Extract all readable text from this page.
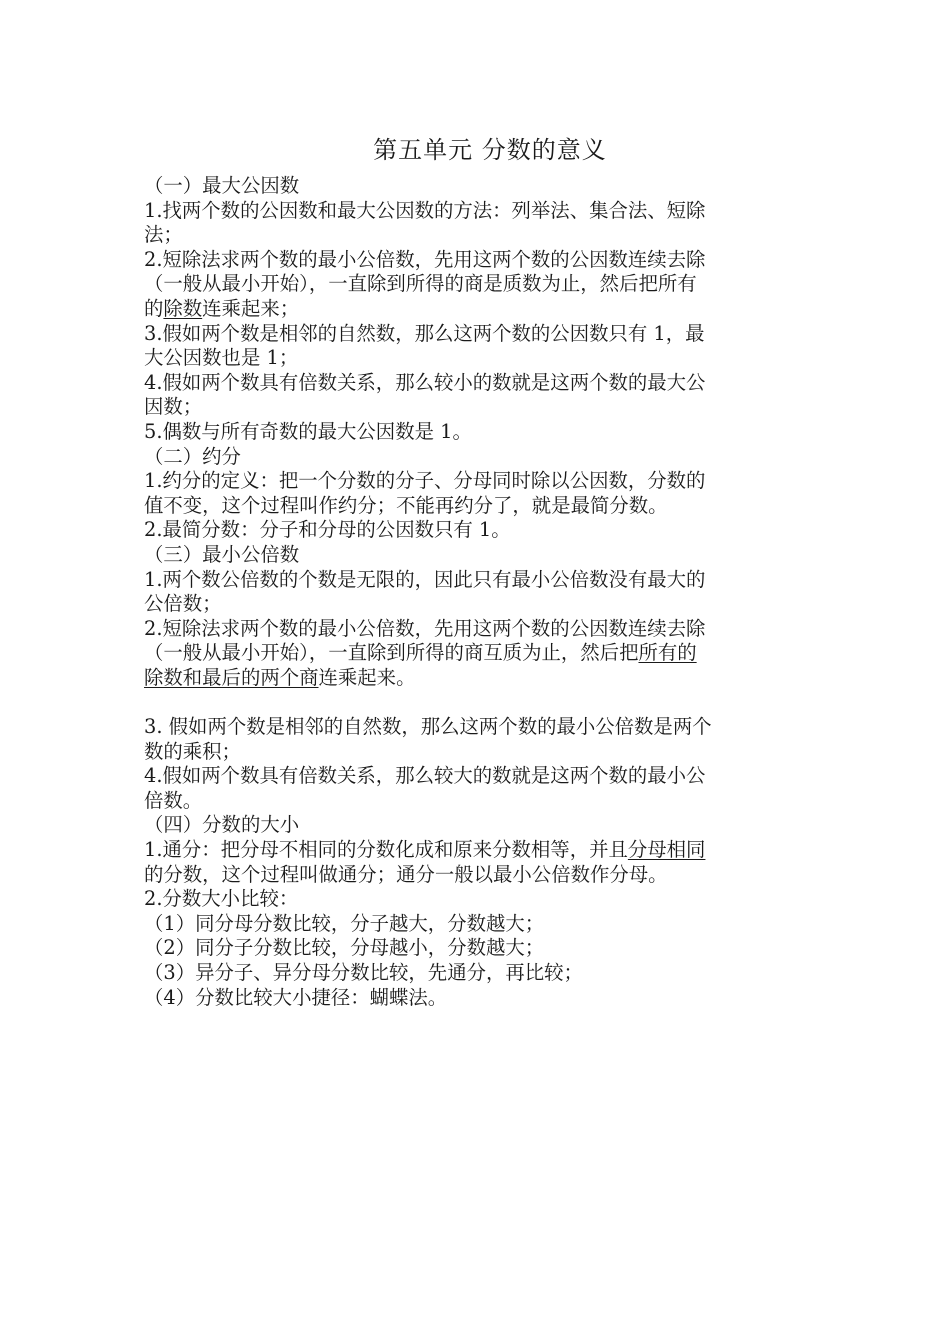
第五单元 分数的意义
（一）最大公因数
1.找两个数的公因数和最大公因数的方法：列举法、集合法、短除
法；
2.短除法求两个数的最小公倍数，先用这两个数的公因数连续去除
（一般从最小开始），一直除到所得的商是质数为止，然后把所有
的除数连乘起来；
3.假如两个数是相邻的自然数，那么这两个数的公因数只有 1，最
大公因数也是 1；
4.假如两个数具有倍数关系，那么较小的数就是这两个数的最大公
因数；
5.偶数与所有奇数的最大公因数是 1。
（二）约分
1.约分的定义：把一个分数的分子、分母同时除以公因数，分数的
值不变，这个过程叫作约分；不能再约分了，就是最简分数。
2.最简分数：分子和分母的公因数只有 1。
（三）最小公倍数
1.两个数公倍数的个数是无限的，因此只有最小公倍数没有最大的
公倍数；
2.短除法求两个数的最小公倍数，先用这两个数的公因数连续去除
（一般从最小开始），一直除到所得的商互质为止，然后把所有的
除数和最后的两个商连乘起来。
3. 假如两个数是相邻的自然数，那么这两个数的最小公倍数是两个
数的乘积；
4.假如两个数具有倍数关系，那么较大的数就是这两个数的最小公
倍数。
（四）分数的大小
1.通分：把分母不相同的分数化成和原来分数相等，并且分母相同
的分数，这个过程叫做通分；通分一般以最小公倍数作分母。
2.分数大小比较：
（1）同分母分数比较，分子越大，分数越大；
（2）同分子分数比较，分母越小，分数越大；
（3）异分子、异分母分数比较，先通分，再比较；
（4）分数比较大小捷径：蝴蝶法。
